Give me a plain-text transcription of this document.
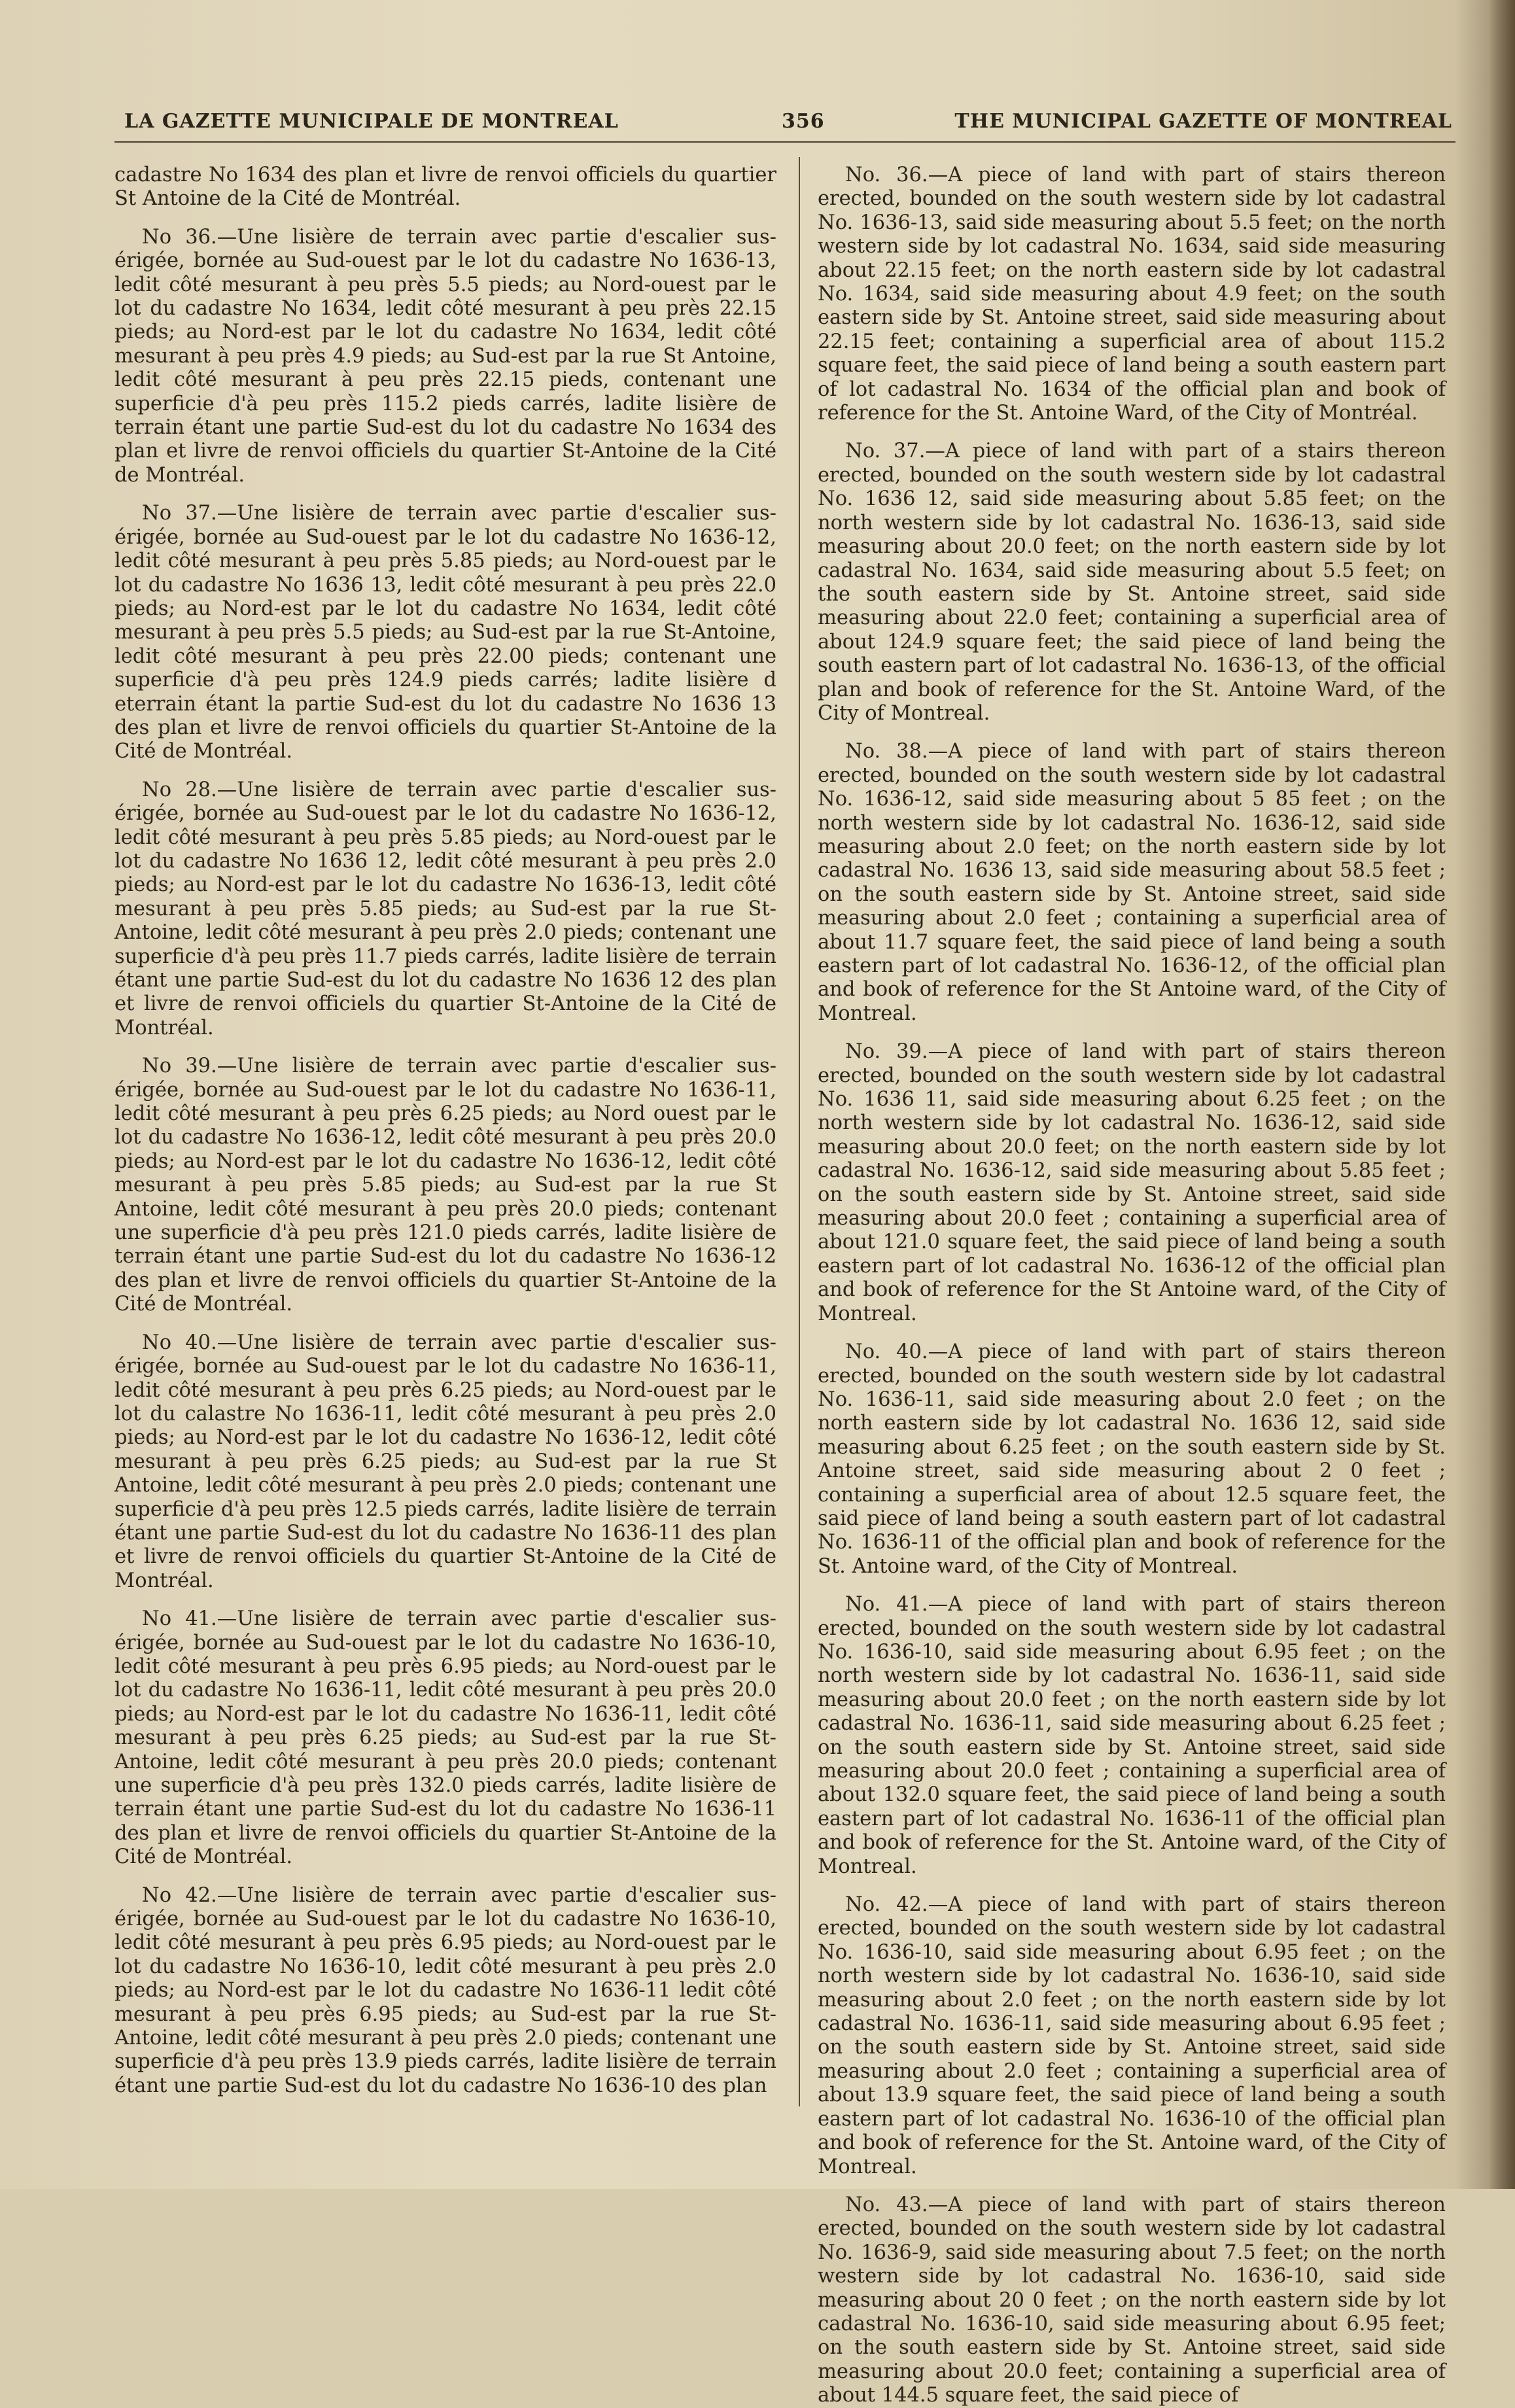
LA GAZETTE MUNICIPALE DE MONTREAL	356	THE MUNICIPAL GAZETTE OF MONTREAL

cadastre No 1634 des plan et livre de renvoi officiels du quartier St Antoine de la Cité de Montréal.

No 36.—Une lisière de terrain avec partie d'escalier sus-érigée, bornée au Sud-ouest par le lot du cadastre No 1636-13, ledit côté mesurant à peu près 5.5 pieds; au Nord-ouest par le lot du cadastre No 1634, ledit côté mesurant à peu près 22.15 pieds; au Nord-est par le lot du cadastre No 1634, ledit côté mesurant à peu près 4.9 pieds; au Sud-est par la rue St Antoine, ledit côté mesurant à peu près 22.15 pieds, contenant une superficie d'à peu près 115.2 pieds carrés, ladite lisière de terrain étant une partie Sud-est du lot du cadastre No 1634 des plan et livre de renvoi officiels du quartier St-Antoine de la Cité de Montréal.

No 37.—Une lisière de terrain avec partie d'escalier sus-érigée, bornée au Sud-ouest par le lot du cadastre No 1636-12, ledit côté mesurant à peu près 5.85 pieds; au Nord-ouest par le lot du cadastre No 1636 13, ledit côté mesurant à peu près 22.0 pieds; au Nord-est par le lot du cadastre No 1634, ledit côté mesurant à peu près 5.5 pieds; au Sud-est par la rue St-Antoine, ledit côté mesurant à peu près 22.00 pieds; contenant une superficie d'à peu près 124.9 pieds carrés; ladite lisière d eterrain étant la partie Sud-est du lot du cadastre No 1636 13 des plan et livre de renvoi officiels du quartier St-Antoine de la Cité de Montréal.

No 28.—Une lisière de terrain avec partie d'escalier sus-érigée, bornée au Sud-ouest par le lot du cadastre No 1636-12, ledit côté mesurant à peu près 5.85 pieds; au Nord-ouest par le lot du cadastre No 1636 12, ledit côté mesurant à peu près 2.0 pieds; au Nord-est par le lot du cadastre No 1636-13, ledit côté mesurant à peu près 5.85 pieds; au Sud-est par la rue St-Antoine, ledit côté mesurant à peu près 2.0 pieds; contenant une superficie d'à peu près 11.7 pieds carrés, ladite lisière de terrain étant une partie Sud-est du lot du cadastre No 1636 12 des plan et livre de renvoi officiels du quartier St-Antoine de la Cité de Montréal.

No 39.—Une lisière de terrain avec partie d'escalier sus-érigée, bornée au Sud-ouest par le lot du cadastre No 1636-11, ledit côté mesurant à peu près 6.25 pieds; au Nord ouest par le lot du cadastre No 1636-12, ledit côté mesurant à peu près 20.0 pieds; au Nord-est par le lot du cadastre No 1636-12, ledit côté mesurant à peu près 5.85 pieds; au Sud-est par la rue St Antoine, ledit côté mesurant à peu près 20.0 pieds; contenant une superficie d'à peu près 121.0 pieds carrés, ladite lisière de terrain étant une partie Sud-est du lot du cadastre No 1636-12 des plan et livre de renvoi officiels du quartier St-Antoine de la Cité de Montréal.

No 40.—Une lisière de terrain avec partie d'escalier sus-érigée, bornée au Sud-ouest par le lot du cadastre No 1636-11, ledit côté mesurant à peu près 6.25 pieds; au Nord-ouest par le lot du calastre No 1636-11, ledit côté mesurant à peu près 2.0 pieds; au Nord-est par le lot du cadastre No 1636-12, ledit côté mesurant à peu près 6.25 pieds; au Sud-est par la rue St Antoine, ledit côté mesurant à peu près 2.0 pieds; contenant une superficie d'à peu près 12.5 pieds carrés, ladite lisière de terrain étant une partie Sud-est du lot du cadastre No 1636-11 des plan et livre de renvoi officiels du quartier St-Antoine de la Cité de Montréal.

No 41.—Une lisière de terrain avec partie d'escalier sus-érigée, bornée au Sud-ouest par le lot du cadastre No 1636-10, ledit côté mesurant à peu près 6.95 pieds; au Nord-ouest par le lot du cadastre No 1636-11, ledit côté mesurant à peu près 20.0 pieds; au Nord-est par le lot du cadastre No 1636-11, ledit côté mesurant à peu près 6.25 pieds; au Sud-est par la rue St-Antoine, ledit côté mesurant à peu près 20.0 pieds; contenant une superficie d'à peu près 132.0 pieds carrés, ladite lisière de terrain étant une partie Sud-est du lot du cadastre No 1636-11 des plan et livre de renvoi officiels du quartier St-Antoine de la Cité de Montréal.

No 42.—Une lisière de terrain avec partie d'escalier sus-érigée, bornée au Sud-ouest par le lot du cadastre No 1636-10, ledit côté mesurant à peu près 6.95 pieds; au Nord-ouest par le lot du cadastre No 1636-10, ledit côté mesurant à peu près 2.0 pieds; au Nord-est par le lot du cadastre No 1636-11 ledit côté mesurant à peu près 6.95 pieds; au Sud-est par la rue St-Antoine, ledit côté mesurant à peu près 2.0 pieds; contenant une superficie d'à peu près 13.9 pieds carrés, ladite lisière de terrain étant une partie Sud-est du lot du cadastre No 1636-10 des plan

No. 36.—A piece of land with part of stairs thereon erected, bounded on the south western side by lot cadastral No. 1636-13, said side measuring about 5.5 feet; on the north western side by lot cadastral No. 1634, said side measuring about 22.15 feet; on the north eastern side by lot cadastral No. 1634, said side measuring about 4.9 feet; on the south eastern side by St. Antoine street, said side measuring about 22.15 feet; containing a superficial area of about 115.2 square feet, the said piece of land being a south eastern part of lot cadastral No. 1634 of the official plan and book of reference for the St. Antoine Ward, of the City of Montréal.

No. 37.—A piece of land with part of a stairs thereon erected, bounded on the south western side by lot cadastral No. 1636 12, said side measuring about 5.85 feet; on the north western side by lot cadastral No. 1636-13, said side measuring about 20.0 feet; on the north eastern side by lot cadastral No. 1634, said side measuring about 5.5 feet; on the south eastern side by St. Antoine street, said side measuring about 22.0 feet; containing a superficial area of about 124.9 square feet; the said piece of land being the south eastern part of lot cadastral No. 1636-13, of the official plan and book of reference for the St. Antoine Ward, of the City of Montreal.

No. 38.—A piece of land with part of stairs thereon erected, bounded on the south western side by lot cadastral No. 1636-12, said side measuring about 5 85 feet ; on the north western side by lot cadastral No. 1636-12, said side measuring about 2.0 feet; on the north eastern side by lot cadastral No. 1636 13, said side measuring about 58.5 feet ; on the south eastern side by St. Antoine street, said side measuring about 2.0 feet ; containing a superficial area of about 11.7 square feet, the said piece of land being a south eastern part of lot cadastral No. 1636-12, of the official plan and book of reference for the St Antoine ward, of the City of Montreal.

No. 39.—A piece of land with part of stairs thereon erected, bounded on the south western side by lot cadastral No. 1636 11, said side measuring about 6.25 feet ; on the north western side by lot cadastral No. 1636-12, said side measuring about 20.0 feet; on the north eastern side by lot cadastral No. 1636-12, said side measuring about 5.85 feet ; on the south eastern side by St. Antoine street, said side measuring about 20.0 feet ; containing a superficial area of about 121.0 square feet, the said piece of land being a south eastern part of lot cadastral No. 1636-12 of the official plan and book of reference for the St Antoine ward, of the City of Montreal.

No. 40.—A piece of land with part of stairs thereon erected, bounded on the south western side by lot cadastral No. 1636-11, said side measuring about 2.0 feet ; on the north eastern side by lot cadastral No. 1636 12, said side measuring about 6.25 feet ; on the south eastern side by St. Antoine street, said side measuring about 2 0 feet ; containing a superficial area of about 12.5 square feet, the said piece of land being a south eastern part of lot cadastral No. 1636-11 of the official plan and book of reference for the St. Antoine ward, of the City of Montreal.

No. 41.—A piece of land with part of stairs thereon erected, bounded on the south western side by lot cadastral No. 1636-10, said side measuring about 6.95 feet ; on the north western side by lot cadastral No. 1636-11, said side measuring about 20.0 feet ; on the north eastern side by lot cadastral No. 1636-11, said side measuring about 6.25 feet ; on the south eastern side by St. Antoine street, said side measuring about 20.0 feet ; containing a superficial area of about 132.0 square feet, the said piece of land being a south eastern part of lot cadastral No. 1636-11 of the official plan and book of reference for the St. Antoine ward, of the City of Montreal.

No. 42.—A piece of land with part of stairs thereon erected, bounded on the south western side by lot cadastral No. 1636-10, said side measuring about 6.95 feet ; on the north western side by lot cadastral No. 1636-10, said side measuring about 2.0 feet ; on the north eastern side by lot cadastral No. 1636-11, said side measuring about 6.95 feet ; on the south eastern side by St. Antoine street, said side measuring about 2.0 feet ; containing a superficial area of about 13.9 square feet, the said piece of land being a south eastern part of lot cadastral No. 1636-10 of the official plan and book of reference for the St. Antoine ward, of the City of Montreal.

No. 43.—A piece of land with part of stairs thereon erected, bounded on the south western side by lot cadastral No. 1636-9, said side measuring about 7.5 feet; on the north western side by lot cadastral No. 1636-10, said side measuring about 20 0 feet ; on the north eastern side by lot cadastral No. 1636-10, said side measuring about 6.95 feet; on the south eastern side by St. Antoine street, said side measuring about 20.0 feet; containing a superficial area of about 144.5 square feet, the said piece of
